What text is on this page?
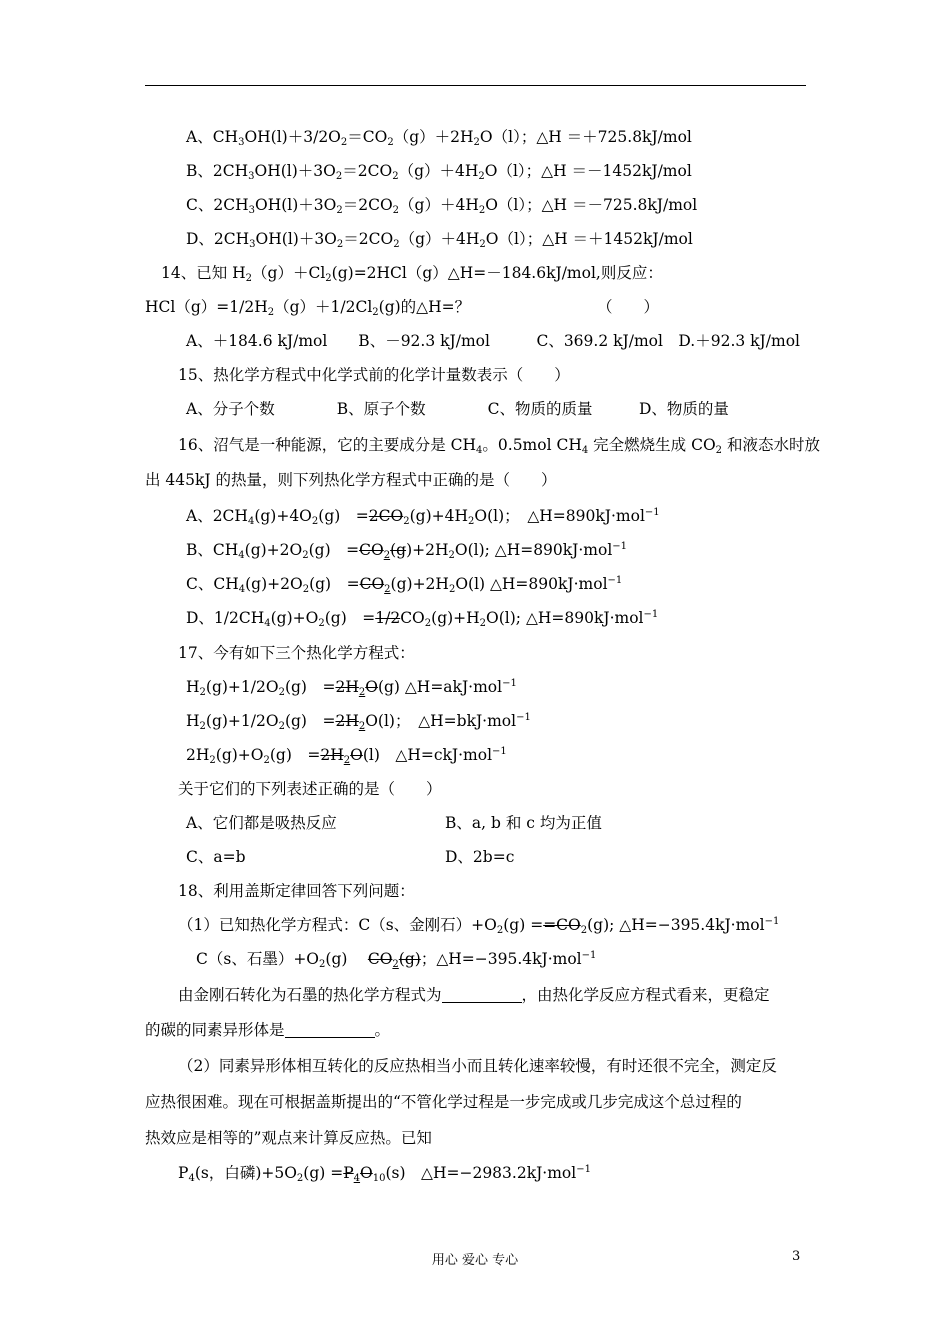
A、$CH_3OH(l)+3/2O_2=CO_2(g)+2H_2O(l)$；△H ＝＋725.8kJ/mol
B、$2CH_3OH(l)+3O_2=2CO_2(g)+4H_2O(l)$；△H ＝－1452kJ/mol
C、$2CH_3OH(l)+3O_2=2CO_2(g)+4H_2O(l)$；△H ＝－725.8kJ/mol
D、$2CH_3OH(l)+3O_2=2CO_2(g)+4H_2O(l)$；△H ＝＋1452kJ/mol
14、已知 $H_2(g)+Cl_2(g)=2HCl(g)\triangle H=-184.6kJ$/mol,则反应：
$HCl(g)=1/2H_2(g)+1/2Cl_2(g)$的△H=？	（　　）
A、＋184.6 kJ/mol　　B、－92.3 kJ/mol　　　C、369.2 kJ/mol　D.＋92.3 kJ/mol
15、热化学方程式中化学式前的化学计量数表示（　　）
A、分子个数　　　　B、原子个数　　　　C、物质的质量　　　D、物质的量
16、沼气是一种能源，它的主要成分是 $CH_4$。0.5mol $CH_4$ 完全燃烧生成 $CO_2$ 和液态水时放
出 445kJ 的热量，则下列热化学方程式中正确的是（　　）
A、$2CH_4(g)+4O_2(g)$　$=2CO_2(g)+4H_2O(l)$；　△H=890kJ·mol$^{-1}$
B、$CH_4(g)+2O_2(g)$　$=CO_2(g)+2H_2O(l)$; △H=890kJ·mol$^{-1}$
C、$CH_4(g)+2O_2(g)$　$=CO_2(g)+2H_2O(l)$ △H=890kJ·mol$^{-1}$
D、$1/2CH_4(g)+O_2(g)$　$=1/2CO_2(g)+H_2O(l)$; △H=890kJ·mol$^{-1}$
17、今有如下三个热化学方程式：
$H_2(g)+1/2O_2(g)$　$=2H_2O(g)$ △H=akJ·mol$^{-1}$
$H_2(g)+1/2O_2(g)$　$=2H_2O(l)$；　△H=bkJ·mol$^{-1}$
$2H_2(g)+O_2(g)$　$=2H_2O(l)$　△H=ckJ·mol$^{-1}$
关于它们的下列表述正确的是（　　）
A、它们都是吸热反应	B、a, b 和 c 均为正值
C、a=b	D、2b=c
18、利用盖斯定律回答下列问题：
（1）已知热化学方程式：C（s、金刚石）$+O_2(g) ==CO_2(g)$; △H=−395.4kJ·mol$^{-1}$
C（s、石墨）$+O_2(g)$　 $CO_2(g)$；△H=−395.4kJ·mol$^{-1}$
由金刚石转化为石墨的热化学方程式为	，由热化学反应方程式看来，更稳定
的碳的同素异形体是	。
（2）同素异形体相互转化的反应热相当小而且转化速率较慢，有时还很不完全，测定反
应热很困难。现在可根据盖斯提出的“不管化学过程是一步完成或几步完成这个总过程的
热效应是相等的”观点来计算反应热。已知
$P_4(s$，白磷)$+5O_2(g) =P_4O_{10}(s)$　△H=−2983.2kJ·mol$^{-1}$
用心 爱心 专心	3
